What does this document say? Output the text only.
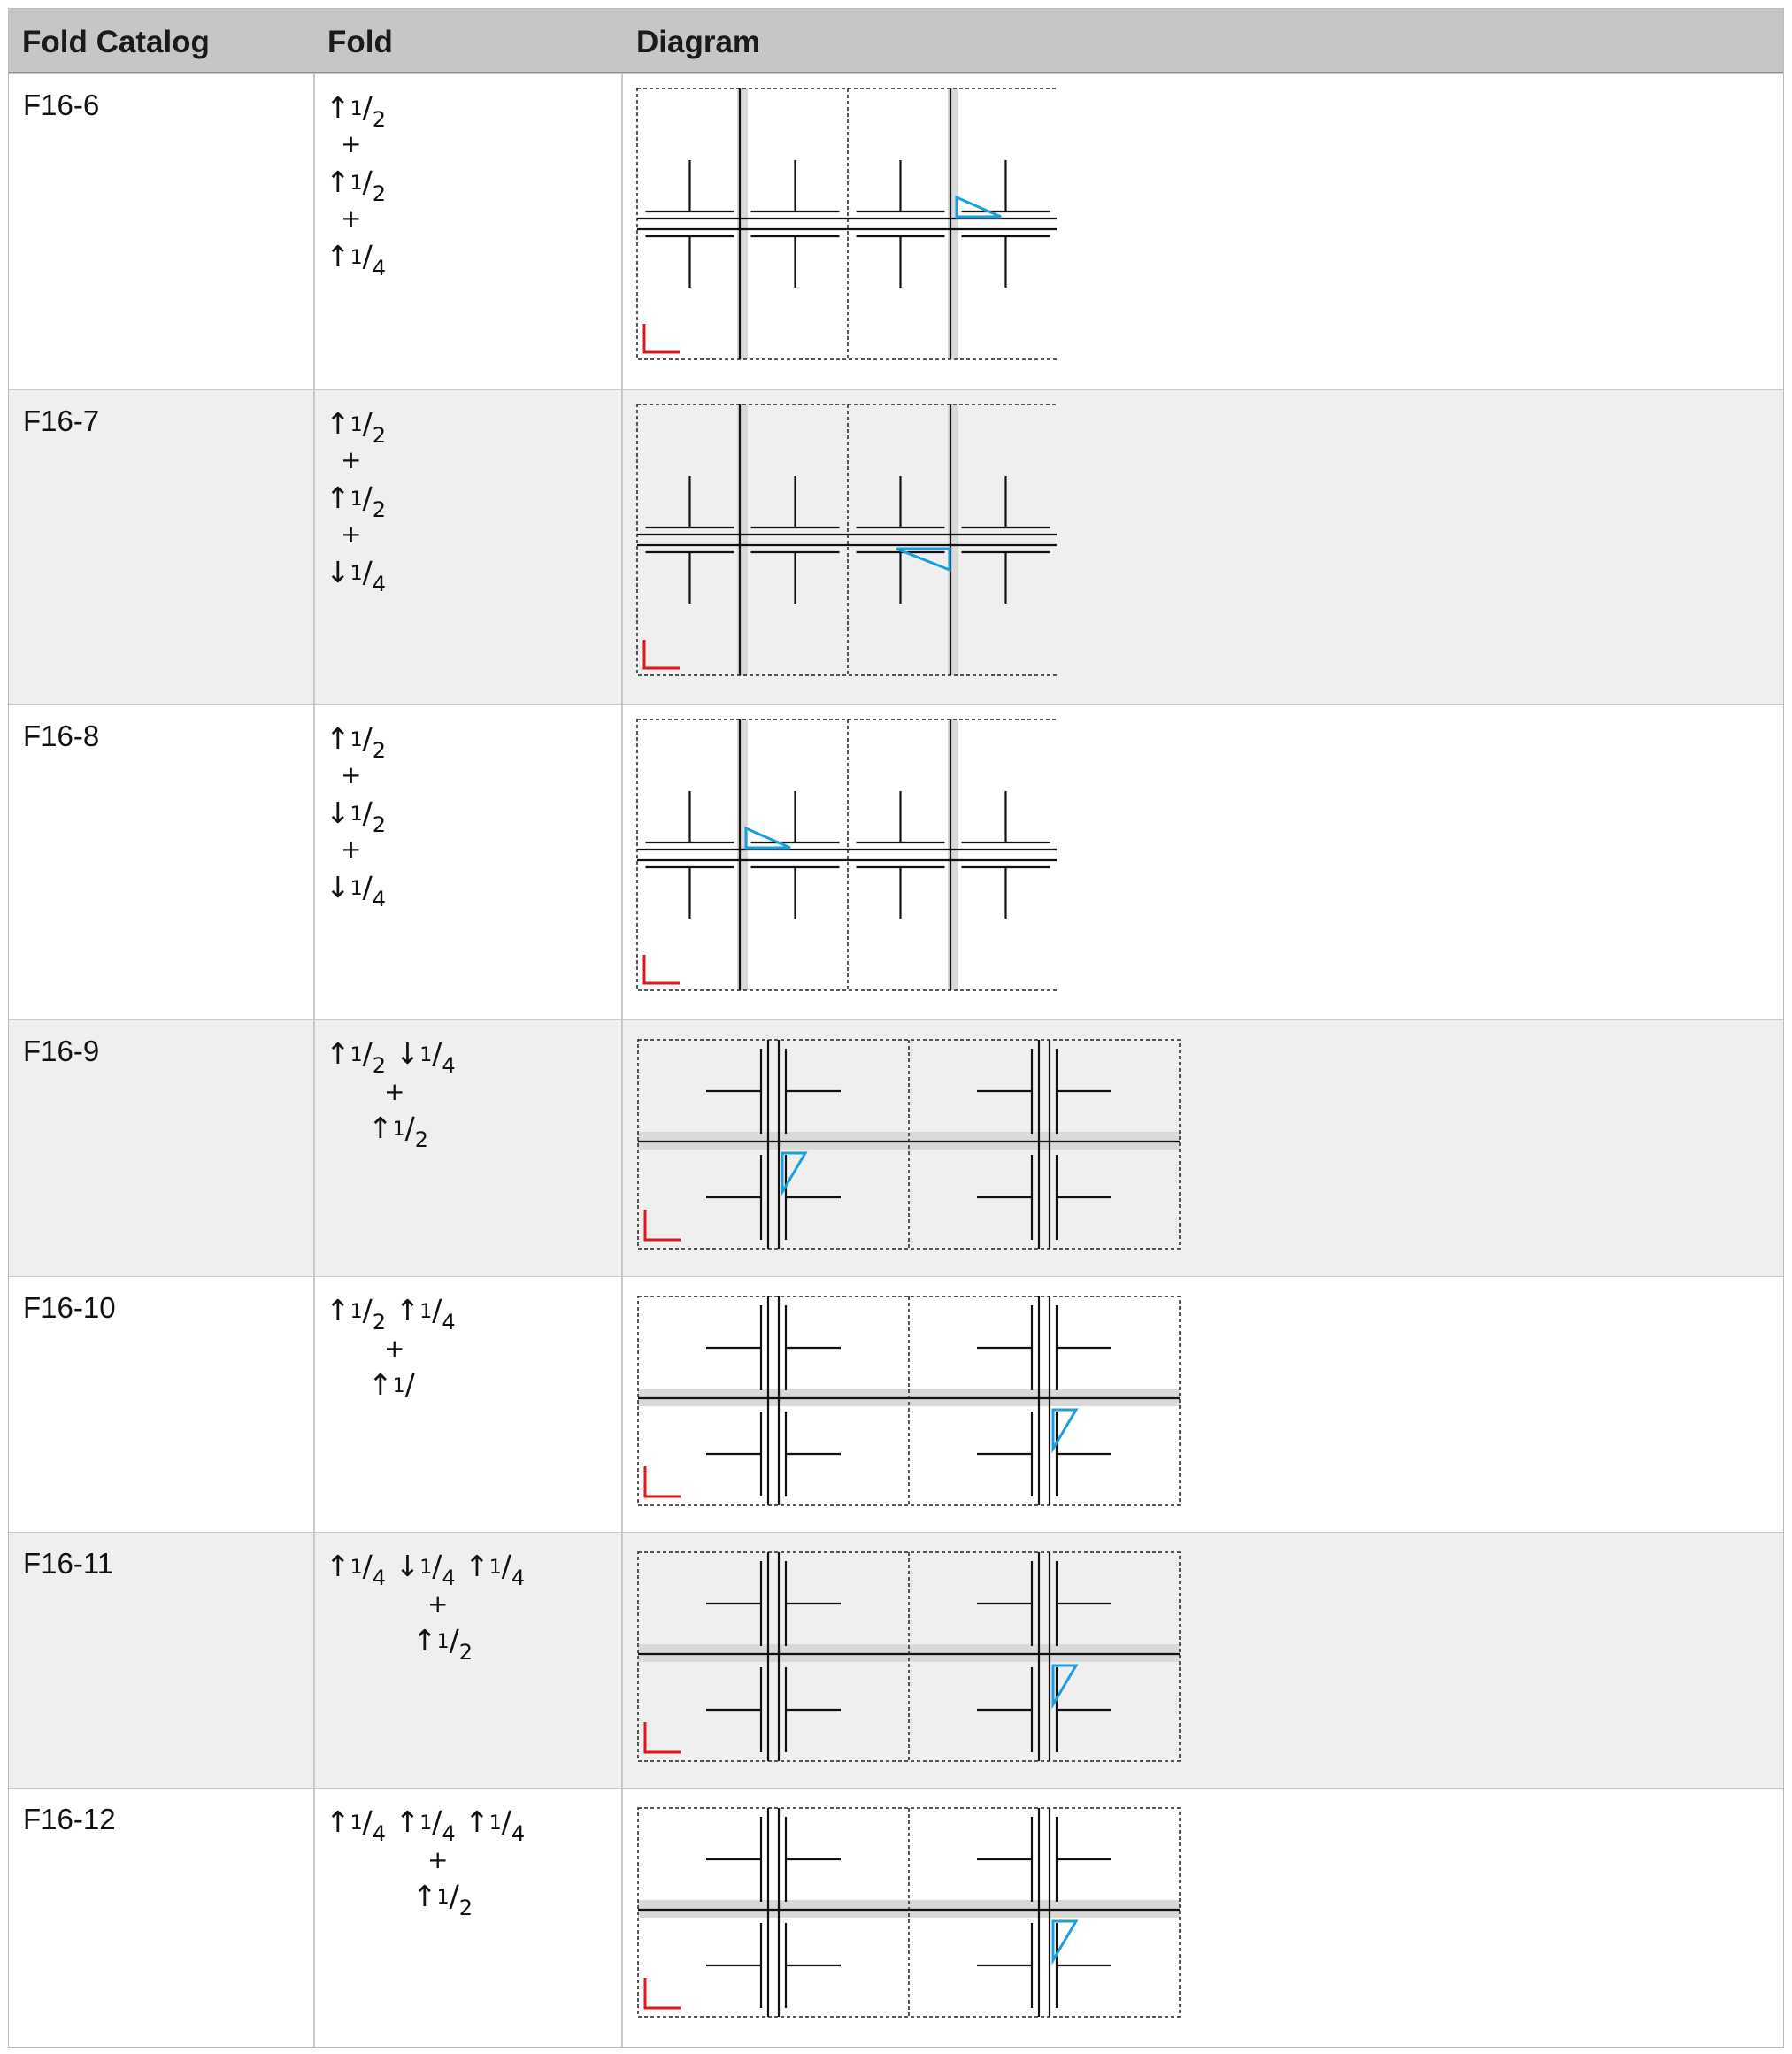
Fold Catalog	Fold	Diagram
F16-6	$↑^1/_2$
+
$↑^1/_2$
+
$↑^1/_4$
F16-7	$↑^1/_2$
+
$↑^1/_2$
+
$↓^1/_4$
F16-8	$↑^1/_2$
+
$↓^1/_2$
+
$↓^1/_4$
F16-9	$↑^1/_2$ $↓^1/_4$
+
$↑^1/_2$
F16-10	$↑^1/_2$ $↑^1/_4$
+
↑$^1$/
F16-11	$↑^1/_4$ $↓^1/_4$ $↑^1/_4$
+
$↑^1/_2$
F16-12	$↑^1/_4$ $↑^1/_4$ $↑^1/_4$
+
$↑^1/_2$
